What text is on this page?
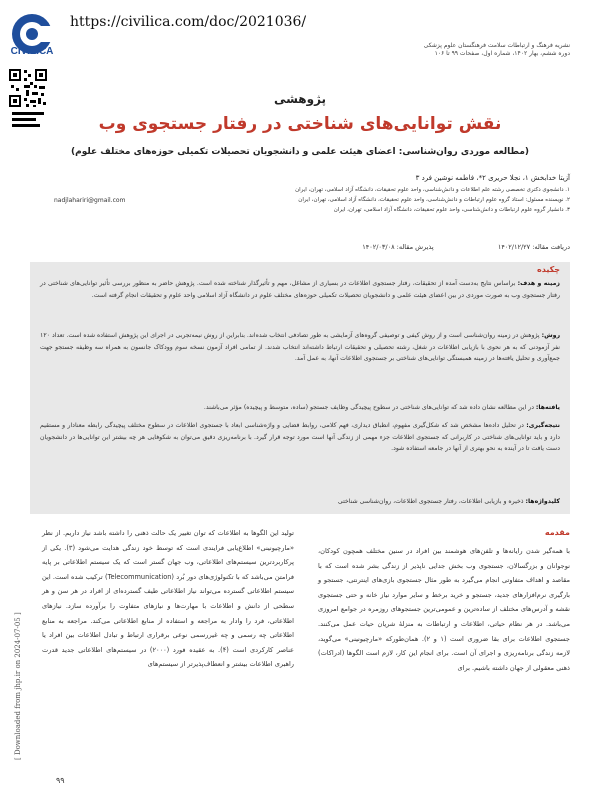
CIVILICA
https://civilica.com/doc/2021036/
نشریه فرهنگ و ارتباطات سلامت فرهنگستان علوم پزشکی
دوره ششم، بهار ۱۴۰۲، شماره اول، صفحات ۹۹ تا ۱۰۶
پژوهشی
نقش توانایی‌های شناختی در رفتار جستجوی وب
(مطالعه موردی روان‌شناسی: اعضای هیئت علمی و دانشجویان تحصیلات تکمیلی حوزه‌های مختلف علوم)
آزیتا خدابخش ۱، نجلا حریری ۲*، فاطمه نوشین فرد ۳
۱. دانشجوی دکتری تخصصی رشته علم اطلاعات و دانش‌شناسی، واحد علوم تحقیقات، دانشگاه آزاد اسلامی، تهران، ایران
۲. نویسنده مسئول: استاد گروه علوم ارتباطات و دانش‌شناسی، واحد علوم تحقیقات، دانشگاه آزاد اسلامی، تهران، ایران
۳. دانشیار گروه علوم ارتباطات و دانش‌شناسی، واحد علوم تحقیقات، دانشگاه آزاد اسلامی، تهران، ایران
nadjlahariri@gmail.com
دریافت مقاله: ۱۴۰۲/۱۲/۲۷  پذیرش مقاله: ۱۴۰۲/۰۳/۰۸
چکیده
زمینه و هدف: براساس نتایج به‌دست آمده از تحقیقات، رفتار جستجوی اطلاعات در بسیاری از مشاغل، مهم و تأثیرگذار شناخته شده است. پژوهش حاضر به منظور بررسی تأثیر توانایی‌های شناختی در رفتار جستجوی وب به صورت موردی در بین اعضای هیئت علمی و دانشجویان تحصیلات تکمیلی حوزه‌های مختلف علوم در دانشگاه آزاد اسلامی واحد علوم و تحقیقات انجام گرفته است.
روش: پژوهش در زمینه روان‌شناسی است و از روش کیفی و توصیفی گروه‌های آزمایشی به طور تصادفی انتخاب شده‌اند. بنابراین از روش نیمه‌تجربی در اجرای این پژوهش استفاده شده است. تعداد ۱۲۰ نفر آزمودنی که به هر نحوی با بازیابی اطلاعات در شغل، رشته تحصیلی و تحقیقات ارتباط داشته‌اند انتخاب شدند. از تمامی افراد آزمون نسخه سوم وودکاک جانسون به همراه سه وظیفه جستجو جهت جمع‌آوری و تحلیل یافته‌ها در زمینه همبستگی توانایی‌های شناختی بر جستجوی اطلاعات آنها، به عمل آمد.
یافته‌ها: در این مطالعه نشان داده شد که توانایی‌های شناختی در سطوح پیچیدگی وظایف جستجو (ساده، متوسط و پیچیده) مؤثر می‌باشند.
نتیجه‌گیری: در تحلیل داده‌ها مشخص شد که شکل‌گیری مفهوم، انطباق دیداری، فهم کلامی، روابط فضایی و واژه‌شناسی ابعاد با جستجوی اطلاعات در سطوح مختلف پیچیدگی رابطه معنادار و مستقیم دارد و باید توانایی‌های شناختی در کاربرانی که جستجوی اطلاعات جزء مهمی از زندگی آنها است مورد توجه قرار گیرد. با برنامه‌ریزی دقیق می‌توان به شکوفایی هر چه بیشتر این توانایی‌ها در دانشجویان دست یافت تا در آینده به نحو بهتری از آنها در جامعه استفاده شود.
کلیدواژه‌ها: ذخیره و بازیابی اطلاعات، رفتار جستجوی اطلاعات، روان‌شناسی شناختی
مقدمه
با همه‌گیر شدن رایانه‌ها و تلفن‌های هوشمند بین افراد در سنین مختلف همچون کودکان، نوجوانان و بزرگسالان، جستجوی وب بخش جدایی ناپذیر از زندگی بشر شده است که با مقاصد و اهداف متفاوتی انجام می‌گیرد به طور مثال جستجوی بازی‌های اینترنتی، جستجو و بارگیری نرم‌افزارهای جدید، جستجو و خرید برخط و سایر موارد نیاز خانه و حتی جستجوی نقشه و آدرس‌های مختلف از ساده‌ترین و عمومی‌ترین جستجوهای روزمره در جوامع امروزی می‌باشد. در هر نظام حیاتی، اطلاعات و ارتباطات به منزلهٔ شریان حیات عمل می‌کنند. جستجوی اطلاعات برای بقا ضروری است (۱ و ۲). همان‌طورکه «مارچیونینی» می‌گوید، لازمه زندگی برنامه‌ریزی و اجرای آن است. برای انجام این کار، لازم است الگوها (ادراکات) ذهنی معقولی از جهان داشته باشیم. برای
تولید این الگوها به اطلاعات که توان تغییر یک حالت ذهنی را داشته باشد نیاز داریم. از نظر «مارچیونینی» اطلاع‌یابی فرایندی است که توسط خود زندگی هدایت می‌شود (۳). یکی از پرکاربردترین سیستم‌های اطلاعاتی، وب جهان گستر است که یک سیستم اطلاعاتی بر پایه فرامتن می‌باشد که با تکنولوژی‌های دور بُرد (Telecommunication) ترکیب شده است. این سیستم اطلاعاتی گسترده می‌تواند نیاز اطلاعاتی طیف گسترده‌ای از افراد در هر سن و هر سطحی از دانش و اطلاعات با مهارت‌ها و نیازهای متفاوت را برآورده سازد. نیازهای اطلاعاتی، فرد را وادار به مراجعه و استفاده از منابع اطلاعاتی می‌کند. مراجعه به منابع اطلاعاتی چه رسمی و چه غیررسمی نوعی برقراری ارتباط و تبادل اطلاعات بین افراد یا عناصر کارکردی است (۴). به عقیده فورد (۲۰۰۰) در سیستم‌های اطلاعاتی جدید قدرت راهبری اطلاعات بیشتر و انعطاف‌پذیرتر از سیستم‌های
[ Downloaded from jhp.ir on 2024-07-05 ]
۹۹
